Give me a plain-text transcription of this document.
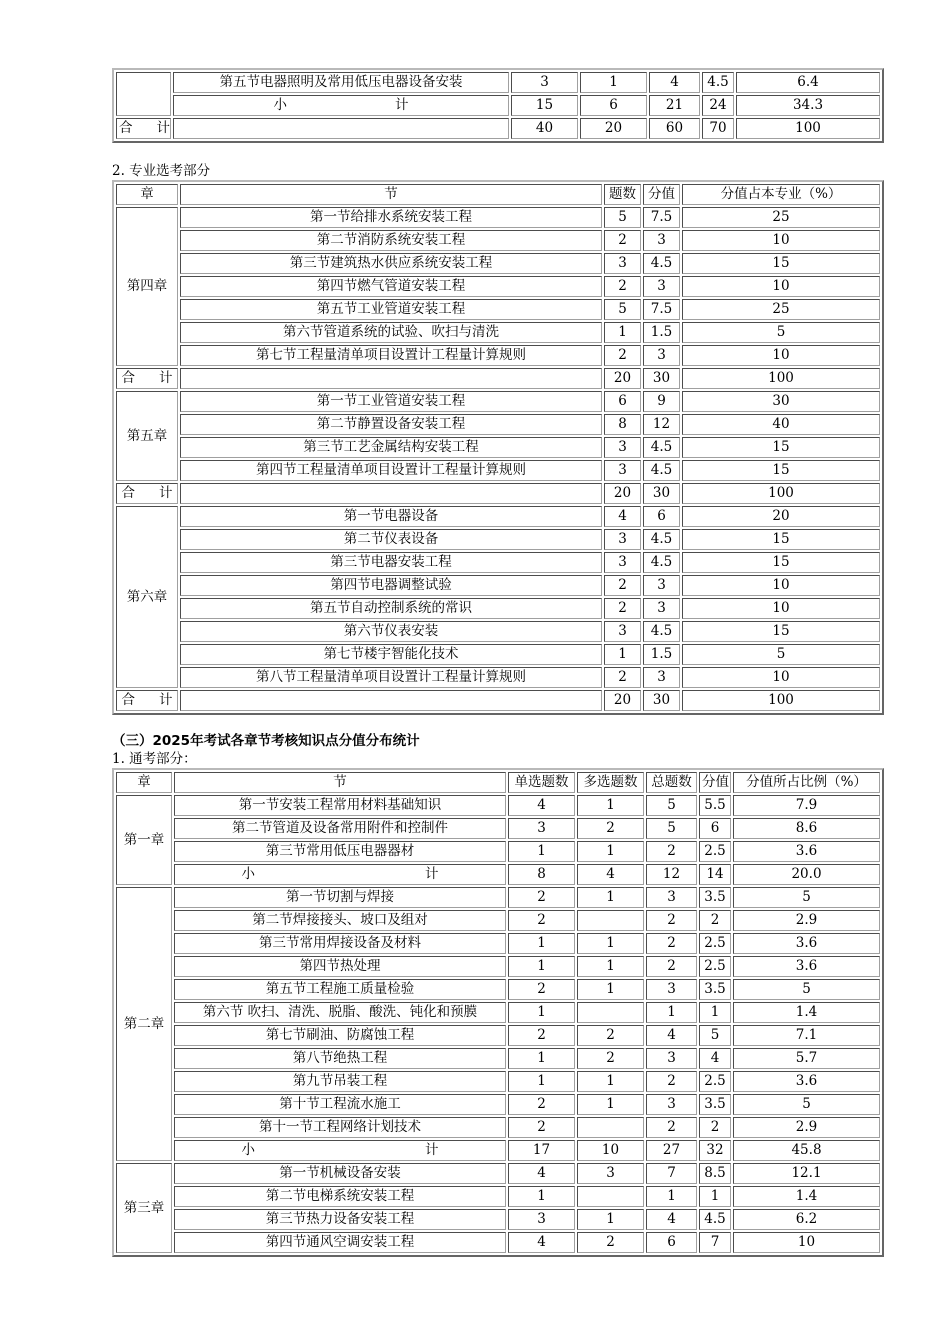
	第五节电器照明及常用低压电器设备安装	3	1	4	4.5	6.4
	小　　　　　　　　计	15	6	21	24	34.3
合 计		40	20	60	70	100
2. 专业选考部分
章	节	题数	分值	分值占本专业（%）
第四章	第一节给排水系统安装工程	5	7.5	25
	第二节消防系统安装工程	2	3	10
	第三节建筑热水供应系统安装工程	3	4.5	15
	第四节燃气管道安装工程	2	3	10
	第五节工业管道安装工程	5	7.5	25
	第六节管道系统的试验、吹扫与清洗	1	1.5	5
	第七节工程量清单项目设置计工程量计算规则	2	3	10
合 计		20	30	100
第五章	第一节工业管道安装工程	6	9	30
	第二节静置设备安装工程	8	12	40
	第三节工艺金属结构安装工程	3	4.5	15
	第四节工程量清单项目设置计工程量计算规则	3	4.5	15
合 计		20	30	100
第六章	第一节电器设备	4	6	20
	第二节仪表设备	3	4.5	15
	第三节电器安装工程	3	4.5	15
	第四节电器调整试验	2	3	10
	第五节自动控制系统的常识	2	3	10
	第六节仪表安装	3	4.5	15
	第七节楼宇智能化技术	1	1.5	5
	第八节工程量清单项目设置计工程量计算规则	2	3	10
合 计		20	30	100
（三）2025年考试各章节考核知识点分值分布统计
1. 通考部分：
章	节	单选题数	多选题数	总题数	分值	分值所占比例（%）
第一章	第一节安装工程常用材料基础知识	4	1	5	5.5	7.9
	第二节管道及设备常用附件和控制件	3	2	5	6	8.6
	第三节常用低压电器器材	1	1	2	2.5	3.6
	小 计	8	4	12	14	20.0
第二章	第一节切割与焊接	2	1	3	3.5	5
	第二节焊接接头、坡口及组对	2		2	2	2.9
	第三节常用焊接设备及材料	1	1	2	2.5	3.6
	第四节热处理	1	1	2	2.5	3.6
	第五节工程施工质量检验	2	1	3	3.5	5
	第六节 吹扫、清洗、脱脂、酸洗、钝化和预膜	1		1	1	1.4
	第七节刷油、防腐蚀工程	2	2	4	5	7.1
	第八节绝热工程	1	2	3	4	5.7
	第九节吊装工程	1	1	2	2.5	3.6
	第十节工程流水施工	2	1	3	3.5	5
	第十一节工程网络计划技术	2		2	2	2.9
	小 计	17	10	27	32	45.8
第三章	第一节机械设备安装	4	3	7	8.5	12.1
	第二节电梯系统安装工程	1		1	1	1.4
	第三节热力设备安装工程	3	1	4	4.5	6.2
	第四节通风空调安装工程	4	2	6	7	10
